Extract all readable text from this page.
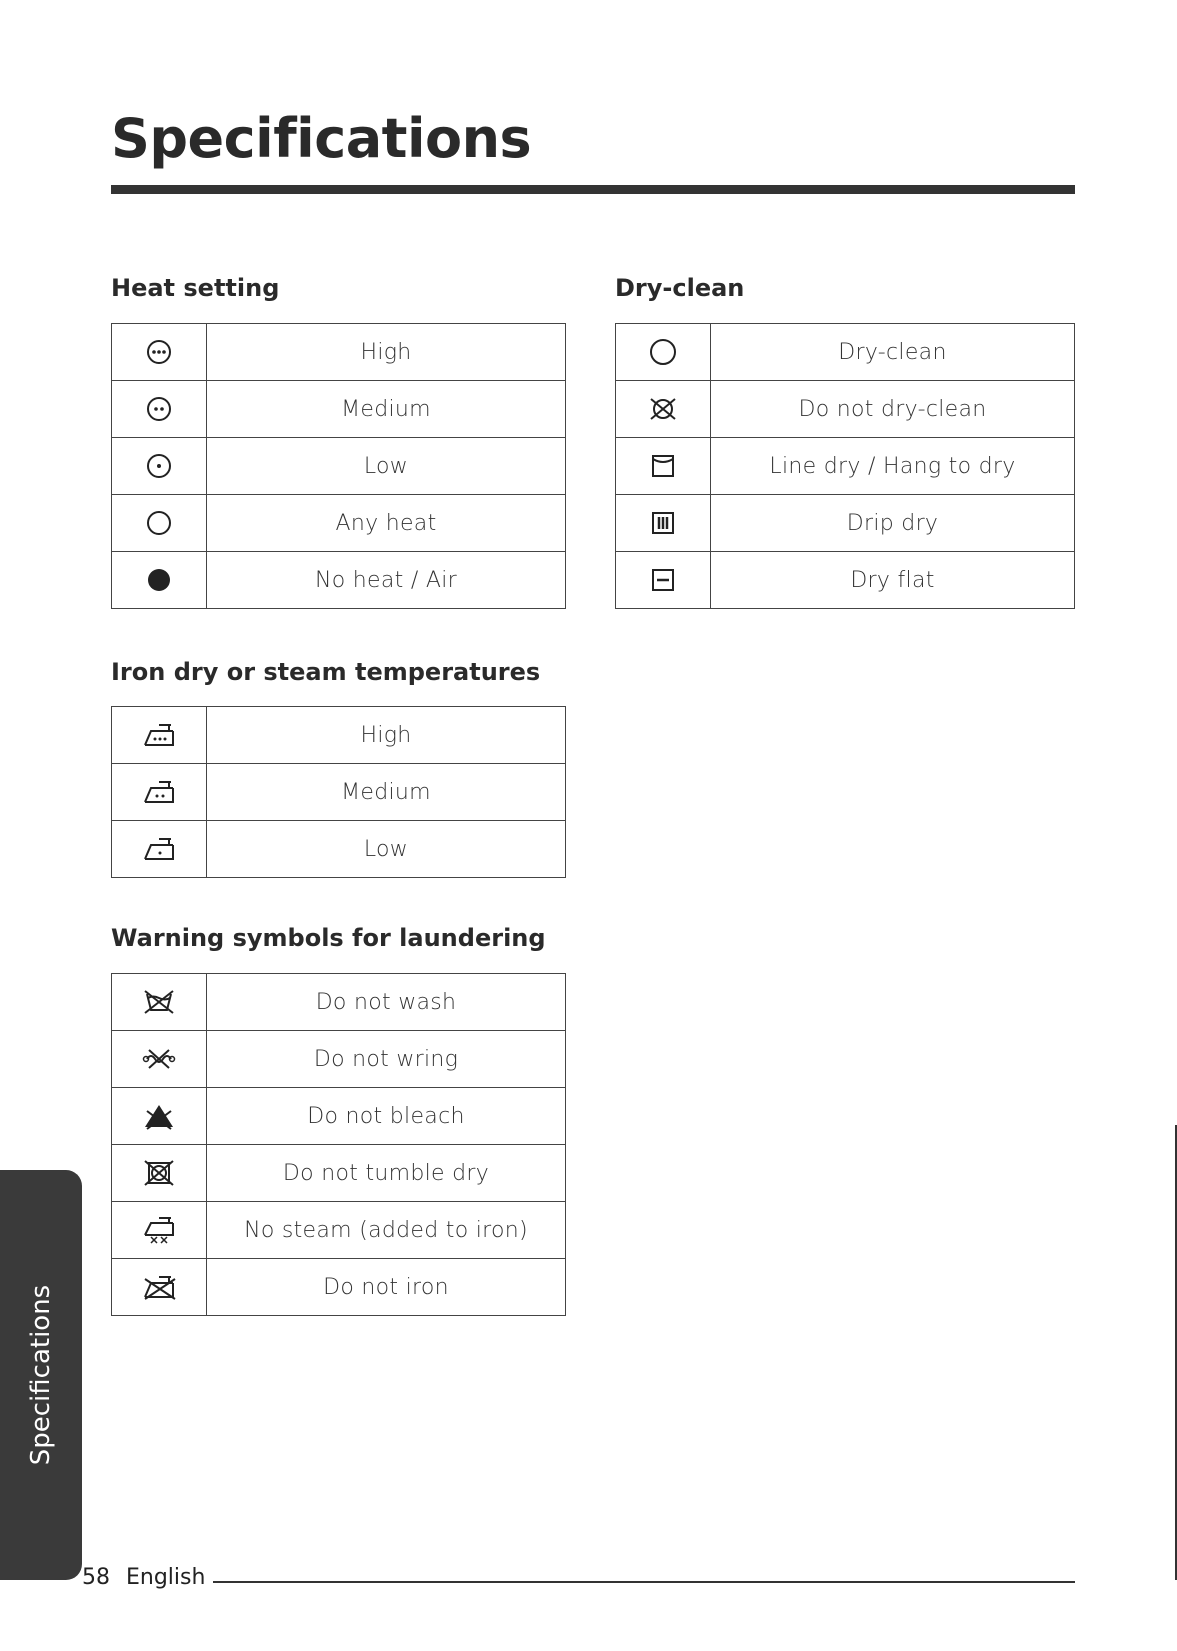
Specifications
Heat setting
	High

	Medium

	Low

	Any heat

	No heat / Air
Dry-clean
	Dry-clean

	Do not dry-clean

	Line dry / Hang to dry

	Drip dry

	Dry flat
Iron dry or steam temperatures
	High

	Medium

	Low
Warning symbols for laundering
	Do not wash

	Do not wring

	Do not bleach

	Do not tumble dry

	No steam (added to iron)

	Do not iron
Specifications
58 English
